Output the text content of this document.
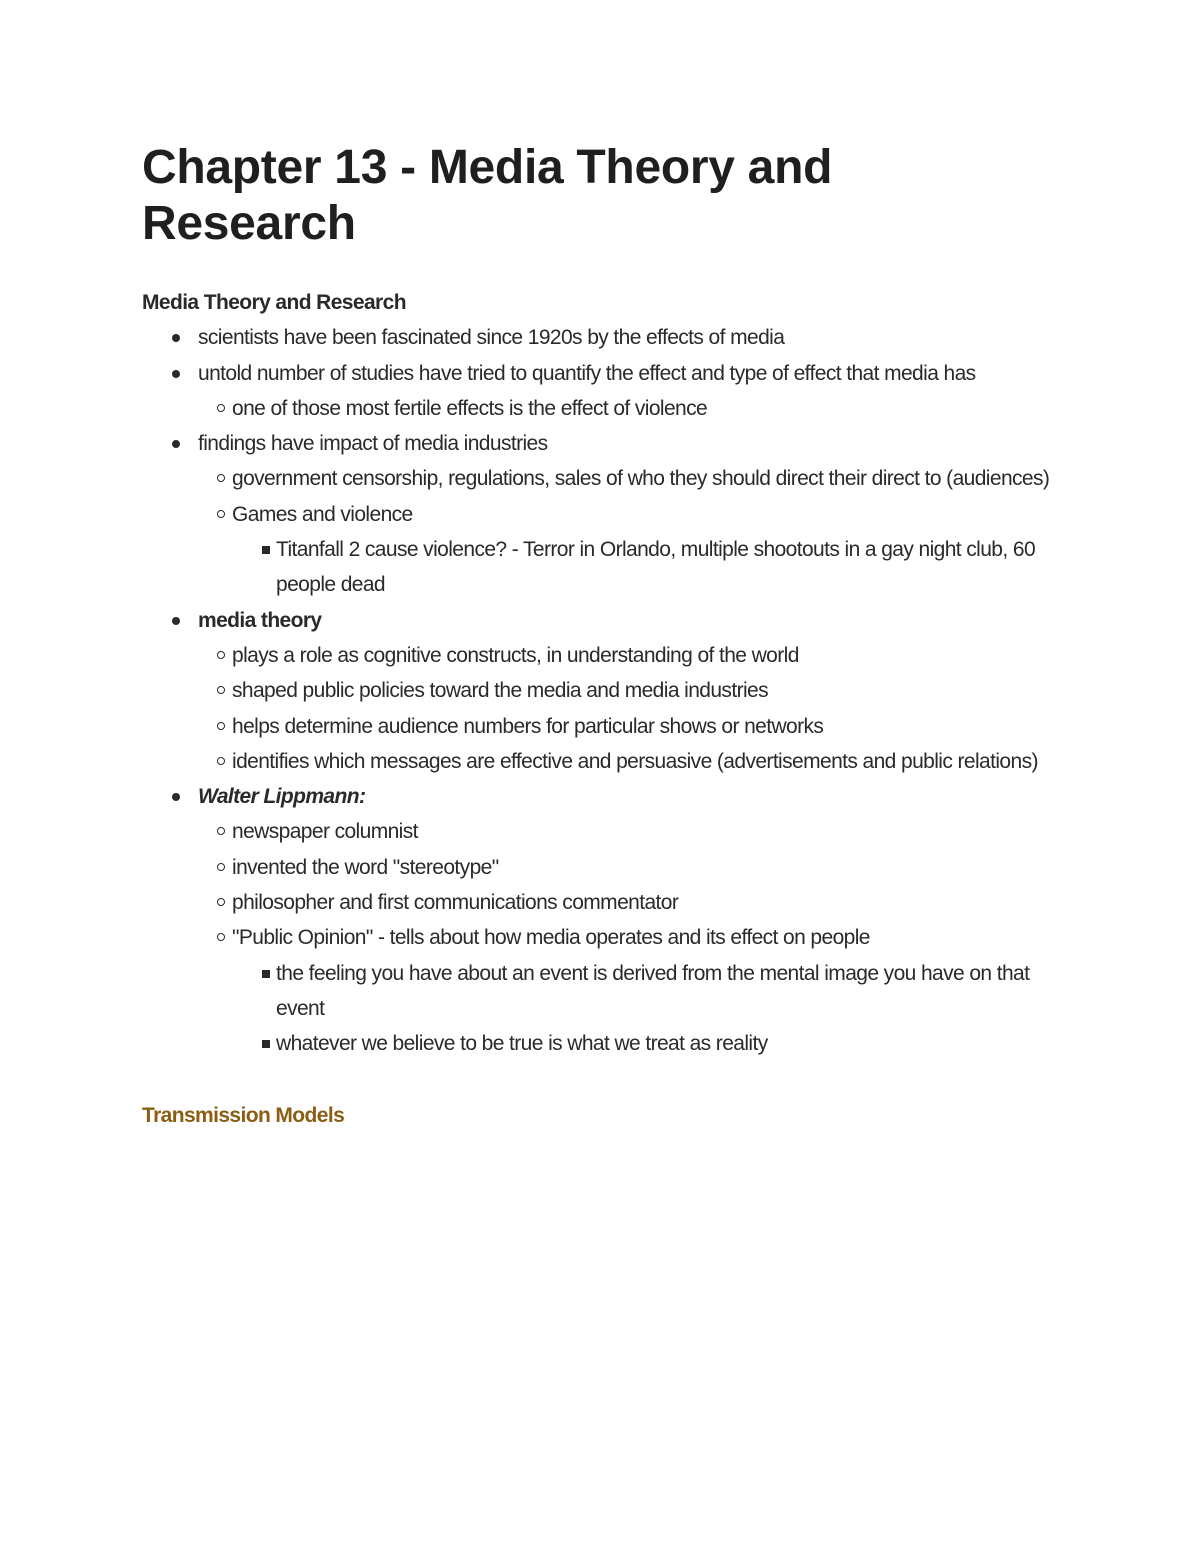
Chapter 13 - Media Theory and Research
Media Theory and Research
scientists have been fascinated since 1920s by the effects of media
untold number of studies have tried to quantify the effect and type of effect that media has
one of those most fertile effects is the effect of violence
findings have impact of media industries
government censorship, regulations, sales of who they should direct their direct to (audiences)
Games and violence
Titanfall 2 cause violence? - Terror in Orlando, multiple shootouts in a gay night club, 60 people dead
media theory
plays a role as cognitive constructs, in understanding of the world
shaped public policies toward the media and media industries
helps determine audience numbers for particular shows or networks
identifies which messages are effective and persuasive (advertisements and public relations)
Walter Lippmann:
newspaper columnist
invented the word "stereotype"
philosopher and first communications commentator
"Public Opinion" - tells about how media operates and its effect on people
the feeling you have about an event is derived from the mental image you have on that event
whatever we believe to be true is what we treat as reality
Transmission Models
